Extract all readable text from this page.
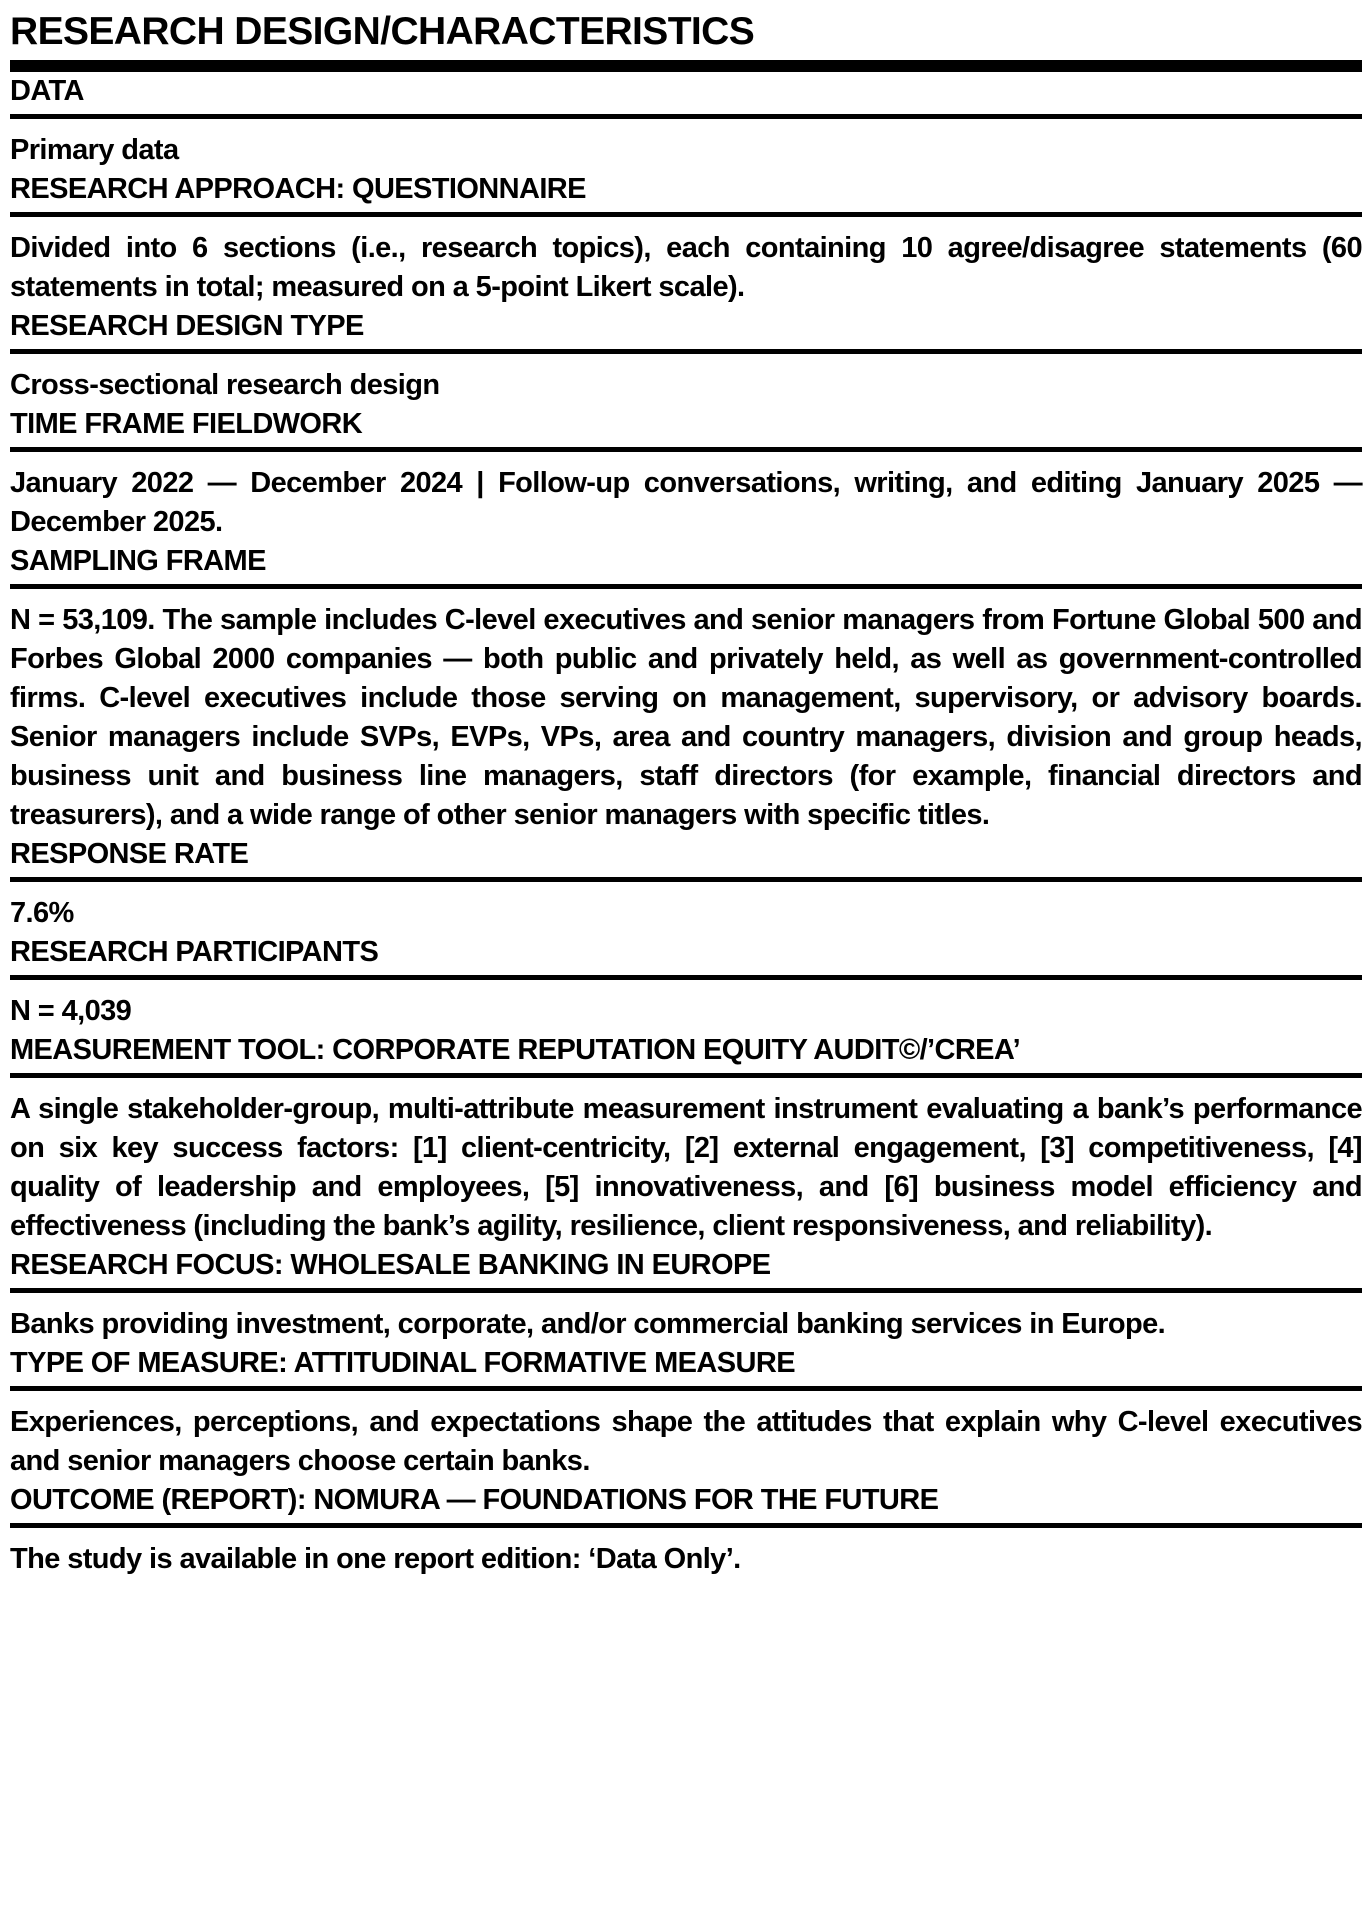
RESEARCH DESIGN/CHARACTERISTICS

DATA

Primary data

RESEARCH APPROACH: QUESTIONNAIRE

Divided into 6 sections (i.e., research topics), each containing 10 agree/disagree statements (60 statements in total; measured on a 5-point Likert scale).

RESEARCH DESIGN TYPE

Cross-sectional research design

TIME FRAME FIELDWORK

January 2022 — December 2024 | Follow-up conversations, writing, and editing January 2025 — December 2025.

SAMPLING FRAME

N = 53,109. The sample includes C-level executives and senior managers from Fortune Global 500 and Forbes Global 2000 companies — both public and privately held, as well as government-controlled firms. C-level executives include those serving on management, supervisory, or advisory boards. Senior managers include SVPs, EVPs, VPs, area and country managers, division and group heads, business unit and business line managers, staff directors (for example, financial directors and treasurers), and a wide range of other senior managers with specific titles.

RESPONSE RATE

7.6%

RESEARCH PARTICIPANTS

N = 4,039

MEASUREMENT TOOL: CORPORATE REPUTATION EQUITY AUDIT©/’CREA’

A single stakeholder-group, multi-attribute measurement instrument evaluating a bank’s performance on six key success factors: [1] client-centricity, [2] external engagement, [3] competitiveness, [4] quality of leadership and employees, [5] innovativeness, and [6] business model efficiency and effectiveness (including the bank’s agility, resilience, client responsiveness, and reliability).

RESEARCH FOCUS: WHOLESALE BANKING IN EUROPE

Banks providing investment, corporate, and/or commercial banking services in Europe.

TYPE OF MEASURE: ATTITUDINAL FORMATIVE MEASURE

Experiences, perceptions, and expectations shape the attitudes that explain why C-level executives and senior managers choose certain banks.

OUTCOME (REPORT): NOMURA — FOUNDATIONS FOR THE FUTURE

The study is available in one report edition: ‘Data Only’.
